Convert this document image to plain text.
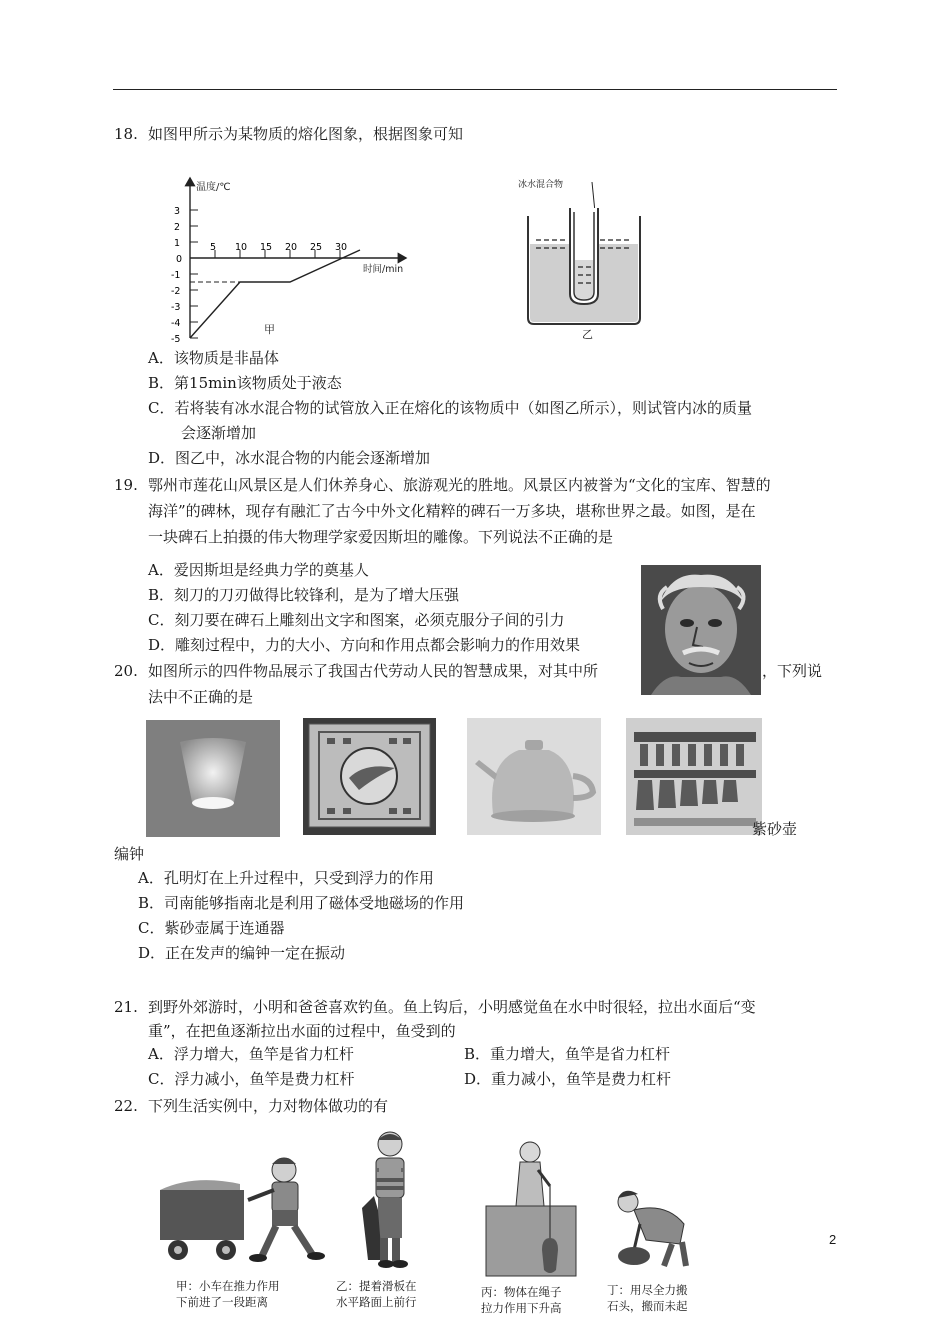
18. 如图甲所示为某物质的熔化图象，根据图象可知
3
2
1
0
-1
-2
-3
-4
-5
5 10 15 20 25 30
温度/℃
时间/min
甲
冰水混合物
乙
A．该物质是非晶体
B．第15min该物质处于液态
C．若将装有冰水混合物的试管放入正在熔化的该物质中（如图乙所示），则试管内冰的质量
会逐渐增加
D．图乙中，冰水混合物的内能会逐渐增加
19. 鄂州市莲花山风景区是人们休养身心、旅游观光的胜地。风景区内被誉为“文化的宝库、智慧的
海洋”的碑林，现存有融汇了古今中外文化精粹的碑石一万多块，堪称世界之最。如图，是在
一块碑石上拍摄的伟大物理学家爱因斯坦的雕像。下列说法不正确的是
A．爱因斯坦是经典力学的奠基人
B．刻刀的刀刃做得比较锋利，是为了增大压强
C．刻刀要在碑石上雕刻出文字和图案，必须克服分子间的引力
D．雕刻过程中，力的大小、方向和作用点都会影响力的作用效果
20. 如图所示的四件物品展示了我国古代劳动人民的智慧成果，对其中所	，下列说
法中不正确的是
紫砂壶
编钟
A．孔明灯在上升过程中，只受到浮力的作用
B．司南能够指南北是利用了磁体受地磁场的作用
C．紫砂壶属于连通器
D．正在发声的编钟一定在振动
21. 到野外郊游时，小明和爸爸喜欢钓鱼。鱼上钩后，小明感觉鱼在水中时很轻，拉出水面后“变
重”，在把鱼逐渐拉出水面的过程中，鱼受到的
A．浮力增大，鱼竿是省力杠杆	B．重力增大，鱼竿是省力杠杆
C．浮力减小，鱼竿是费力杠杆	D．重力减小，鱼竿是费力杠杆
22. 下列生活实例中，力对物体做功的有
甲：小车在推力作用
下前进了一段距离
乙：提着滑板在
水平路面上前行
丙：物体在绳子
拉力作用下升高
丁：用尽全力搬
石头，搬而未起
2
